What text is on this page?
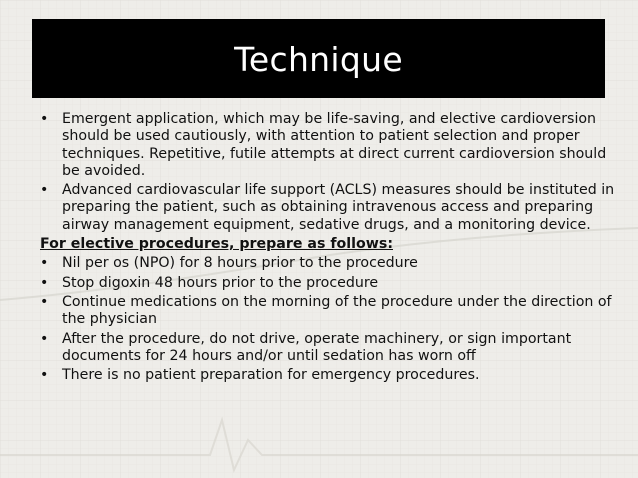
Technique
• Emergent application, which may be life-saving, and elective cardioversion should be used cautiously, with attention to patient selection and proper techniques. Repetitive, futile attempts at direct current cardioversion should be avoided.
• Advanced cardiovascular life support (ACLS) measures should be instituted in preparing the patient, such as obtaining intravenous access and preparing airway management equipment, sedative drugs, and a monitoring device.
For elective procedures, prepare as follows:
• Nil per os (NPO) for 8 hours prior to the procedure
• Stop digoxin 48 hours prior to the procedure
• Continue medications on the morning of the procedure under the direction of the physician
• After the procedure, do not drive, operate machinery, or sign important documents for 24 hours and/or until sedation has worn off
• There is no patient preparation for emergency procedures.
